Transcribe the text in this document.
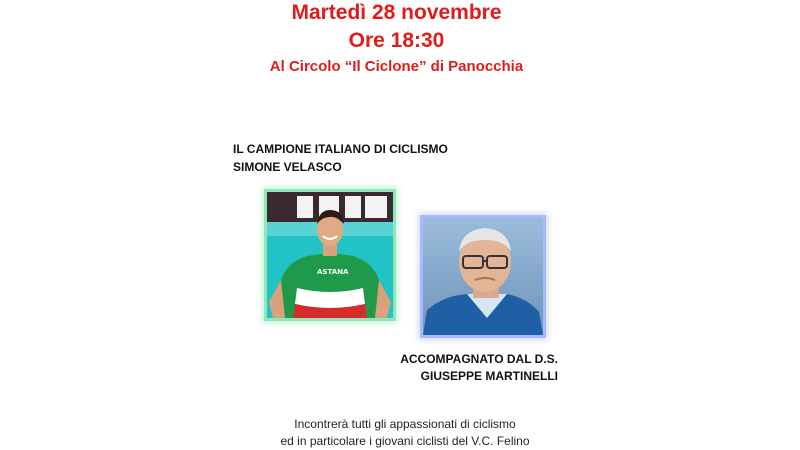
Martedì 28 novembre
Ore 18:30
Al Circolo “Il Ciclone” di Panocchia
IL CAMPIONE ITALIANO DI CICLISMO
SIMONE VELASCO
ASTANA
ACCOMPAGNATO DAL D.S.
GIUSEPPE MARTINELLI
Incontrerà tutti gli appassionati di ciclismo
ed in particolare i giovani ciclisti del V.C. Felino
